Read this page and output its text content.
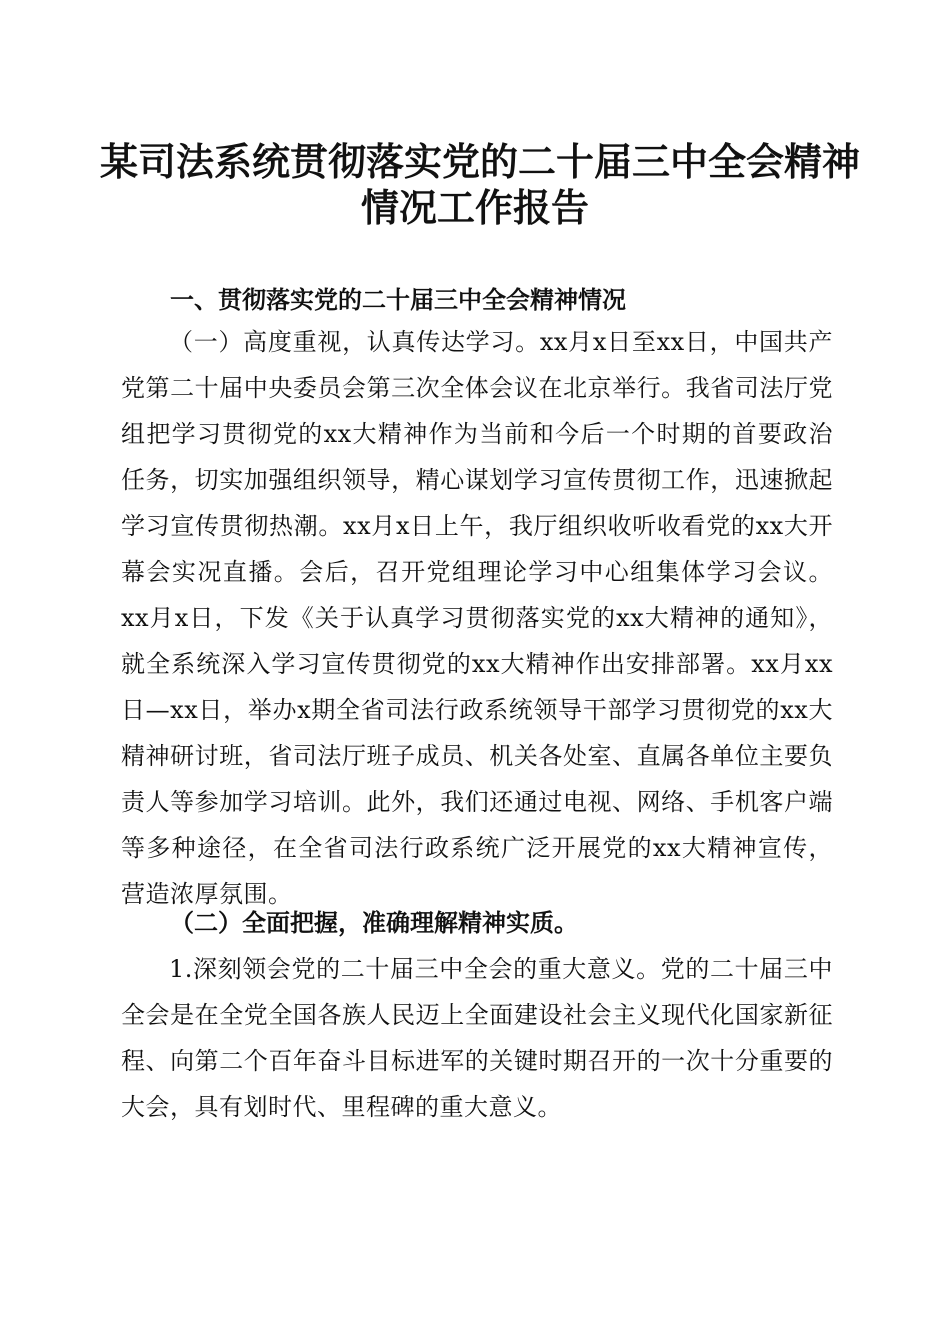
某司法系统贯彻落实党的二十届三中全会精神
情况工作报告
一、贯彻落实党的二十届三中全会精神情况

（一）高度重视，认真传达学习。xx月x日至xx日，中国共产党第二十届中央委员会第三次全体会议在北京举行。我省司法厅党组把学习贯彻党的xx大精神作为当前和今后一个时期的首要政治任务，切实加强组织领导，精心谋划学习宣传贯彻工作，迅速掀起学习宣传贯彻热潮。xx月x日上午，我厅组织收听收看党的xx大开幕会实况直播。会后，召开党组理论学习中心组集体学习会议。xx月x日，下发《关于认真学习贯彻落实党的xx大精神的通知》，就全系统深入学习宣传贯彻党的xx大精神作出安排部署。xx月xx日—xx日，举办x期全省司法行政系统领导干部学习贯彻党的xx大精神研讨班，省司法厅班子成员、机关各处室、直属各单位主要负责人等参加学习培训。此外，我们还通过电视、网络、手机客户端等多种途径，在全省司法行政系统广泛开展党的xx大精神宣传，营造浓厚氛围。

（二）全面把握，准确理解精神实质。

1.深刻领会党的二十届三中全会的重大意义。党的二十届三中全会是在全党全国各族人民迈上全面建设社会主义现代化国家新征程、向第二个百年奋斗目标进军的关键时期召开的一次十分重要的大会，具有划时代、里程碑的重大意义。
